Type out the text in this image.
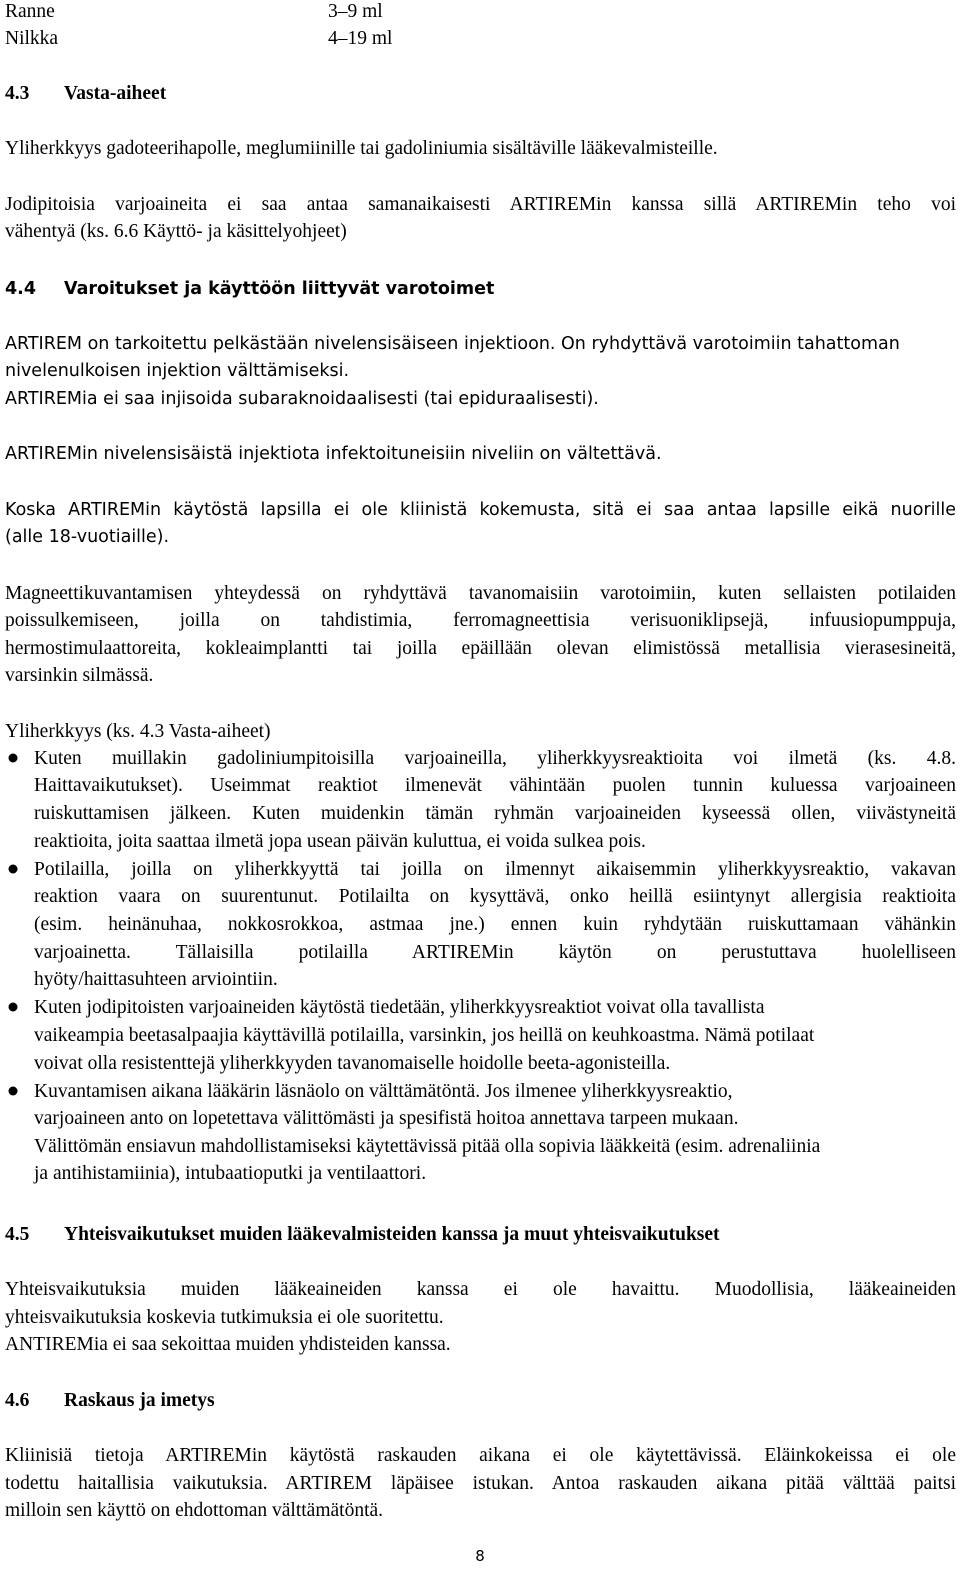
Ranne	3–9 ml
Nilkka	4–19 ml
4.3 Vasta-aiheet
Yliherkkyys gadoteerihapolle, meglumiinille tai gadoliniumia sisältäville lääkevalmisteille.
Jodipitoisia varjoaineita ei saa antaa samanaikaisesti ARTIREMin kanssa sillä ARTIREMin teho voi
vähentyä (ks. 6.6 Käyttö- ja käsittelyohjeet)
4.4 Varoitukset ja käyttöön liittyvät varotoimet
ARTIREM on tarkoitettu pelkästään nivelensisäiseen injektioon. On ryhdyttävä varotoimiin tahattoman
nivelenulkoisen injektion välttämiseksi.
ARTIREMia ei saa injisoida subaraknoidaalisesti (tai epiduraalisesti).
ARTIREMin nivelensisäistä injektiota infektoituneisiin niveliin on vältettävä.
Koska ARTIREMin käytöstä lapsilla ei ole kliinistä kokemusta, sitä ei saa antaa lapsille eikä nuorille
(alle 18-vuotiaille).
Magneettikuvantamisen yhteydessä on ryhdyttävä tavanomaisiin varotoimiin, kuten sellaisten potilaiden
poissulkemiseen, joilla on tahdistimia, ferromagneettisia verisuoniklipsejä, infuusiopumppuja,
hermostimulaattoreita, kokleaimplantti tai joilla epäillään olevan elimistössä metallisia vierasesineitä,
varsinkin silmässä.
Yliherkkyys (ks. 4.3 Vasta-aiheet)
Kuten muillakin gadoliniumpitoisilla varjoaineilla, yliherkkyysreaktioita voi ilmetä (ks. 4.8.
Haittavaikutukset). Useimmat reaktiot ilmenevät vähintään puolen tunnin kuluessa varjoaineen
ruiskuttamisen jälkeen. Kuten muidenkin tämän ryhmän varjoaineiden kyseessä ollen, viivästyneitä
reaktioita, joita saattaa ilmetä jopa usean päivän kuluttua, ei voida sulkea pois.
Potilailla, joilla on yliherkkyyttä tai joilla on ilmennyt aikaisemmin yliherkkyysreaktio, vakavan
reaktion vaara on suurentunut. Potilailta on kysyttävä, onko heillä esiintynyt allergisia reaktioita
(esim. heinänuhaa, nokkosrokkoa, astmaa jne.) ennen kuin ryhdytään ruiskuttamaan vähänkin
varjoainetta. Tällaisilla potilailla ARTIREMin käytön on perustuttava huolelliseen
hyöty/haittasuhteen arviointiin.
Kuten jodipitoisten varjoaineiden käytöstä tiedetään, yliherkkyysreaktiot voivat olla tavallista
vaikeampia beetasalpaajia käyttävillä potilailla, varsinkin, jos heillä on keuhkoastma. Nämä potilaat
voivat olla resistenttejä yliherkkyyden tavanomaiselle hoidolle beeta-agonisteilla.
Kuvantamisen aikana lääkärin läsnäolo on välttämätöntä. Jos ilmenee yliherkkyysreaktio,
varjoaineen anto on lopetettava välittömästi ja spesifistä hoitoa annettava tarpeen mukaan.
Välittömän ensiavun mahdollistamiseksi käytettävissä pitää olla sopivia lääkkeitä (esim. adrenaliinia
ja antihistamiinia), intubaatioputki ja ventilaattori.
4.5 Yhteisvaikutukset muiden lääkevalmisteiden kanssa ja muut yhteisvaikutukset
Yhteisvaikutuksia muiden lääkeaineiden kanssa ei ole havaittu. Muodollisia, lääkeaineiden
yhteisvaikutuksia koskevia tutkimuksia ei ole suoritettu.
ANTIREMia ei saa sekoittaa muiden yhdisteiden kanssa.
4.6 Raskaus ja imetys
Kliinisiä tietoja ARTIREMin käytöstä raskauden aikana ei ole käytettävissä. Eläinkokeissa ei ole
todettu haitallisia vaikutuksia. ARTIREM läpäisee istukan. Antoa raskauden aikana pitää välttää paitsi
milloin sen käyttö on ehdottoman välttämätöntä.
8
